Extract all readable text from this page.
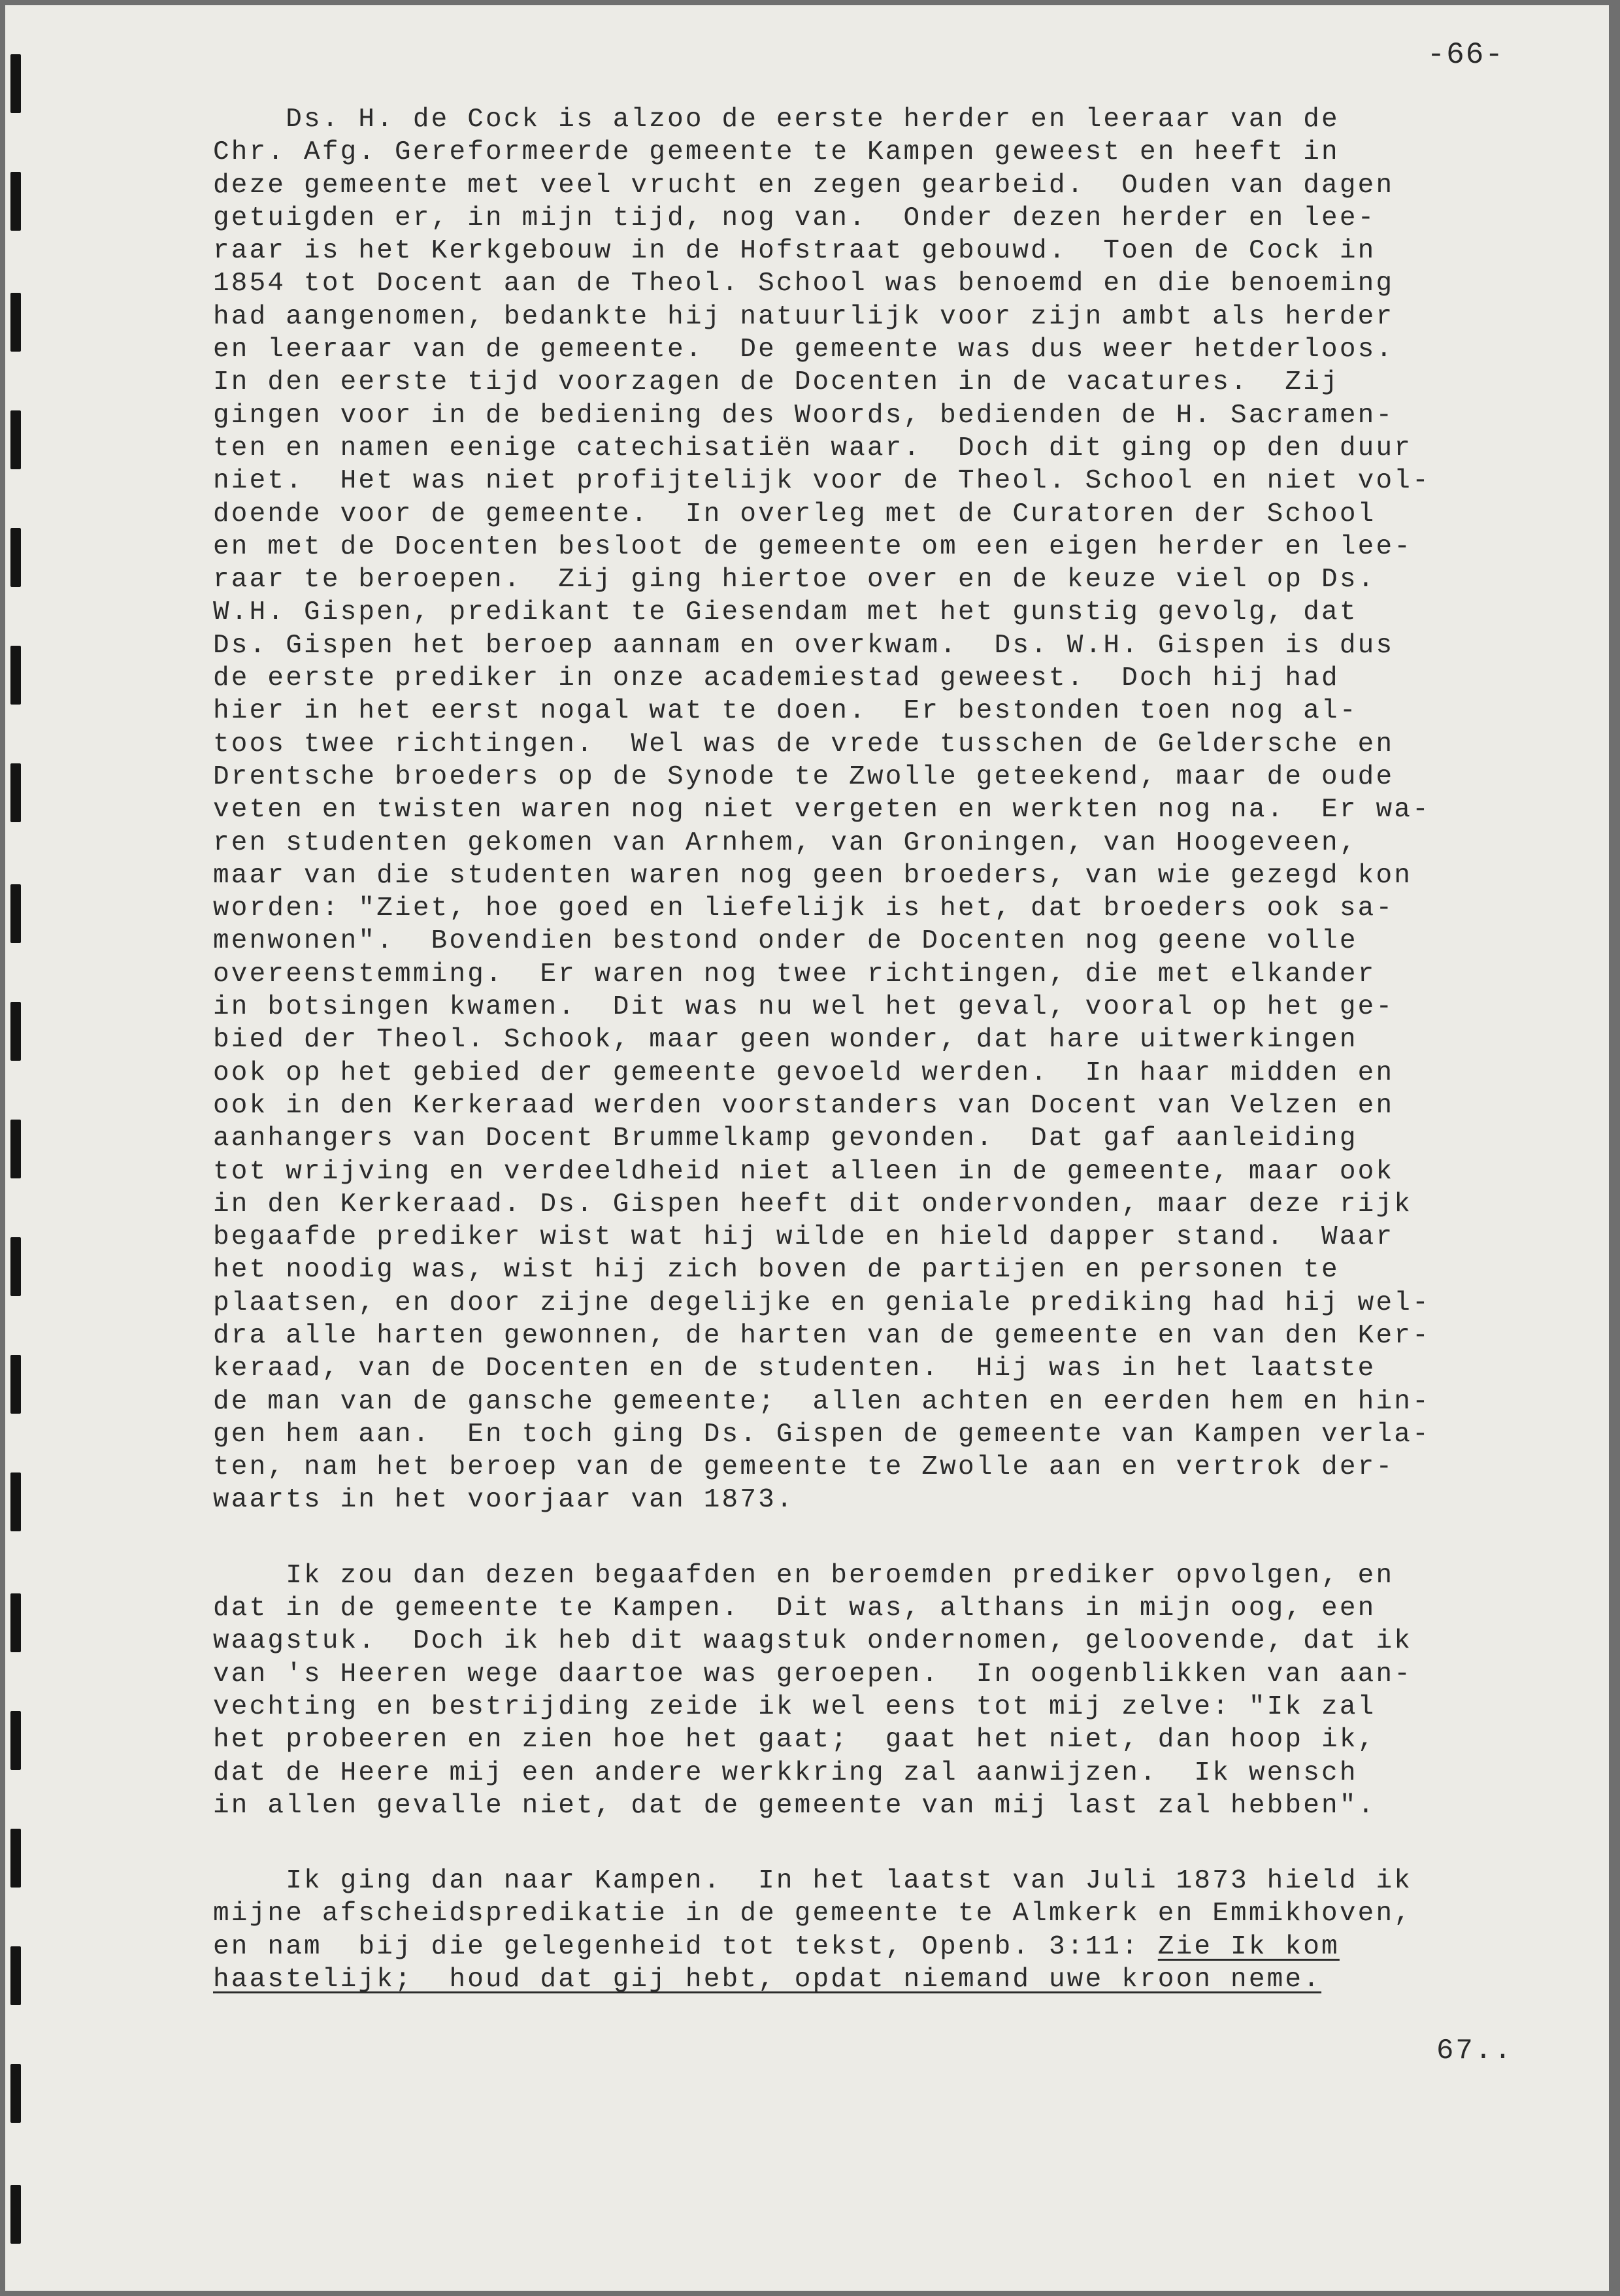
-66-
Ds. H. de Cock is alzoo de eerste herder en leeraar van de
Chr. Afg. Gereformeerde gemeente te Kampen geweest en heeft in
deze gemeente met veel vrucht en zegen gearbeid.  Ouden van dagen
getuigden er, in mijn tijd, nog van.  Onder dezen herder en lee-
raar is het Kerkgebouw in de Hofstraat gebouwd.  Toen de Cock in
1854 tot Docent aan de Theol. School was benoemd en die benoeming
had aangenomen, bedankte hij natuurlijk voor zijn ambt als herder
en leeraar van de gemeente.  De gemeente was dus weer hetderloos.
In den eerste tijd voorzagen de Docenten in de vacatures.  Zij
gingen voor in de bediening des Woords, bedienden de H. Sacramen-
ten en namen eenige catechisatiën waar.  Doch dit ging op den duur
niet.  Het was niet profijtelijk voor de Theol. School en niet vol-
doende voor de gemeente.  In overleg met de Curatoren der School
en met de Docenten besloot de gemeente om een eigen herder en lee-
raar te beroepen.  Zij ging hiertoe over en de keuze viel op Ds.
W.H. Gispen, predikant te Giesendam met het gunstig gevolg, dat
Ds. Gispen het beroep aannam en overkwam.  Ds. W.H. Gispen is dus
de eerste prediker in onze academiestad geweest.  Doch hij had
hier in het eerst nogal wat te doen.  Er bestonden toen nog al-
toos twee richtingen.  Wel was de vrede tusschen de Geldersche en
Drentsche broeders op de Synode te Zwolle geteekend, maar de oude
veten en twisten waren nog niet vergeten en werkten nog na.  Er wa-
ren studenten gekomen van Arnhem, van Groningen, van Hoogeveen,
maar van die studenten waren nog geen broeders, van wie gezegd kon
worden: "Ziet, hoe goed en liefelijk is het, dat broeders ook sa-
menwonen".  Bovendien bestond onder de Docenten nog geene volle
overeenstemming.  Er waren nog twee richtingen, die met elkander
in botsingen kwamen.  Dit was nu wel het geval, vooral op het ge-
bied der Theol. Schook, maar geen wonder, dat hare uitwerkingen
ook op het gebied der gemeente gevoeld werden.  In haar midden en
ook in den Kerkeraad werden voorstanders van Docent van Velzen en
aanhangers van Docent Brummelkamp gevonden.  Dat gaf aanleiding
tot wrijving en verdeeldheid niet alleen in de gemeente, maar ook
in den Kerkeraad. Ds. Gispen heeft dit ondervonden, maar deze rijk
begaafde prediker wist wat hij wilde en hield dapper stand.  Waar
het noodig was, wist hij zich boven de partijen en personen te
plaatsen, en door zijne degelijke en geniale prediking had hij wel-
dra alle harten gewonnen, de harten van de gemeente en van den Ker-
keraad, van de Docenten en de studenten.  Hij was in het laatste
de man van de gansche gemeente;  allen achten en eerden hem en hin-
gen hem aan.  En toch ging Ds. Gispen de gemeente van Kampen verla-
ten, nam het beroep van de gemeente te Zwolle aan en vertrok der-
waarts in het voorjaar van 1873.
Ik zou dan dezen begaafden en beroemden prediker opvolgen, en
dat in de gemeente te Kampen.  Dit was, althans in mijn oog, een
waagstuk.  Doch ik heb dit waagstuk ondernomen, geloovende, dat ik
van 's Heeren wege daartoe was geroepen.  In oogenblikken van aan-
vechting en bestrijding zeide ik wel eens tot mij zelve: "Ik zal
het probeeren en zien hoe het gaat;  gaat het niet, dan hoop ik,
dat de Heere mij een andere werkkring zal aanwijzen.  Ik wensch
in allen gevalle niet, dat de gemeente van mij last zal hebben".
Ik ging dan naar Kampen.  In het laatst van Juli 1873 hield ik
mijne afscheidspredikatie in de gemeente te Almkerk en Emmikhoven,
en nam  bij die gelegenheid tot tekst, Openb. 3:11: Zie Ik kom
haastelijk;  houd dat gij hebt, opdat niemand uwe kroon neme.
67..
